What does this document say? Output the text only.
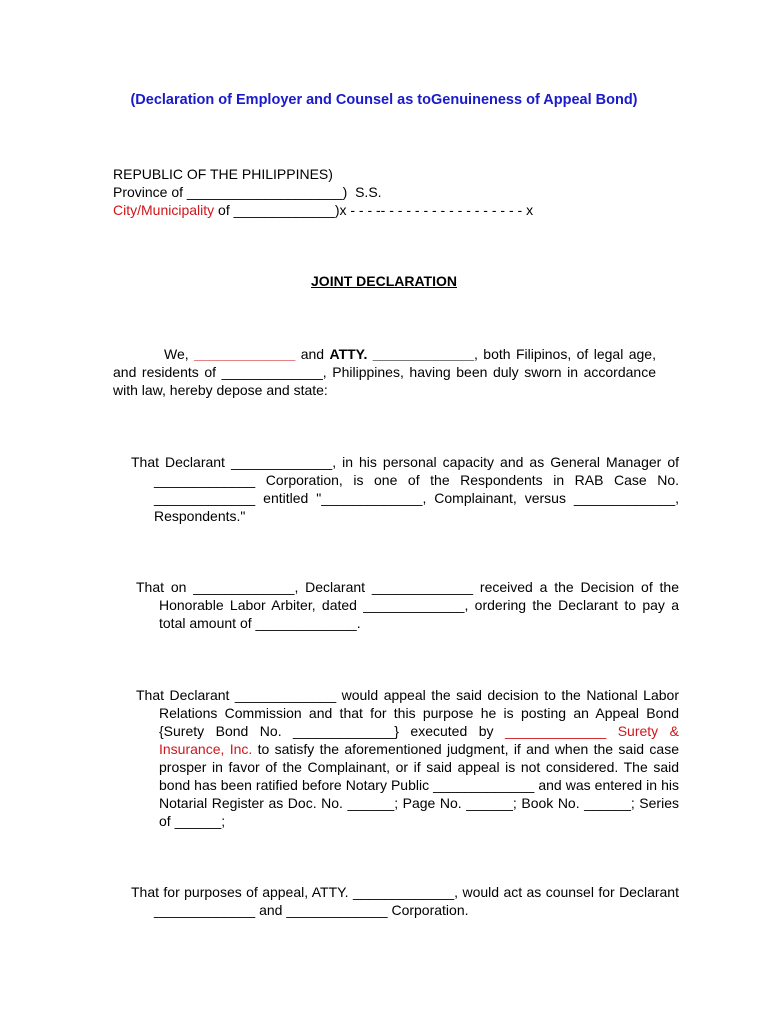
(Declaration of Employer and Counsel as toGenuineness of Appeal Bond)
REPUBLIC OF THE PHILIPPINES)
Province of ____________________)  S.S.
City/Municipality of _____________)x - - - -- - - - - - - - - - - - - - - - - x
JOINT DECLARATION
We, _____________ and ATTY. _____________, both Filipinos, of legal age, and residents of _____________, Philippines, having been duly sworn in accordance with law, hereby depose and state:
That Declarant _____________, in his personal capacity and as General Manager of _____________ Corporation, is one of the Respondents in RAB Case No. _____________ entitled "_____________, Complainant, versus _____________, Respondents."
That on _____________, Declarant _____________ received a the Decision of the Honorable Labor Arbiter, dated _____________, ordering the Declarant to pay a total amount of _____________.
That Declarant _____________ would appeal the said decision to the National Labor Relations Commission and that for this purpose he is posting an Appeal Bond {Surety Bond No. _____________} executed by _____________ Surety & Insurance, Inc. to satisfy the aforementioned judgment, if and when the said case prosper in favor of the Complainant, or if said appeal is not considered. The said bond has been ratified before Notary Public _____________ and was entered in his Notarial Register as Doc. No. ______; Page No. ______; Book No. ______; Series of ______;
That for purposes of appeal, ATTY. _____________, would act as counsel for Declarant _____________ and _____________ Corporation.
